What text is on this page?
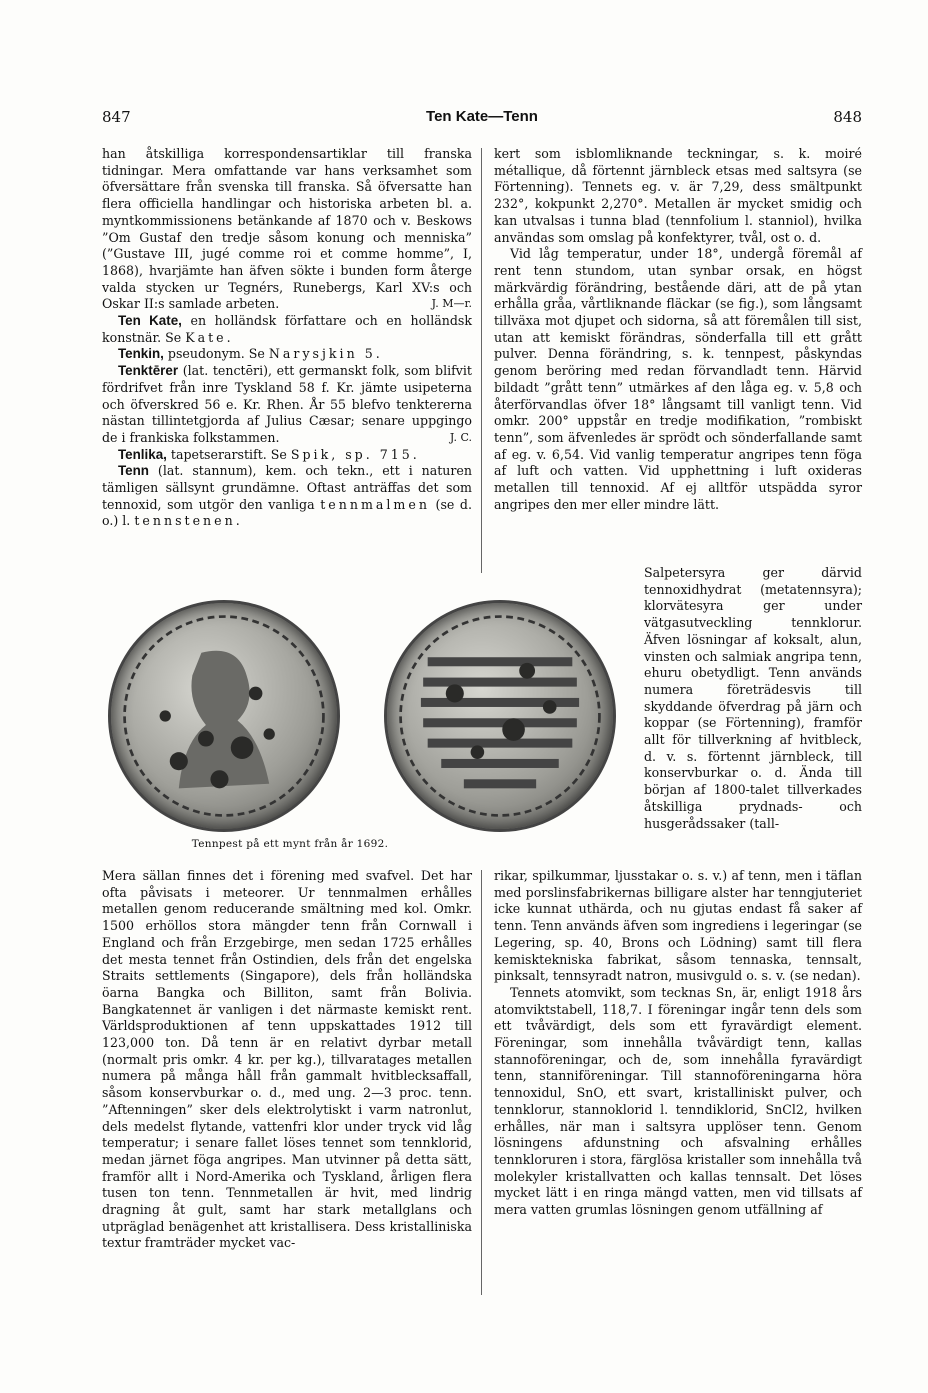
847	Ten Kate—Tenn	848

han åtskilliga korrespondensartiklar till franska tidningar. Mera omfattande var hans verksamhet som öfversättare från svenska till franska. Så öfversatte han flera officiella handlingar och historiska arbeten bl. a. myntkommissionens betänkande af 1870 och v. Beskows ”Om Gustaf den tredje såsom konung och menniska” (”Gustave III, jugé comme roi et comme homme”, I, 1868), hvarjämte han äfven sökte i bunden form återge valda stycken ur Tegnérs, Runebergs, Karl XV:s och Oskar II:s samlade arbeten.	J. M—r.

Ten Kate, en holländsk författare och en holländsk konstnär. Se Kate.

Tenkin, pseudonym. Se Narysjkin 5.

Tenktērer (lat. tenctēri), ett germanskt folk, som blifvit fördrifvet från inre Tyskland 58 f. Kr. jämte usipeterna och öfverskred 56 e. Kr. Rhen. År 55 blefvo tenktererna nästan tillintetgjorda af Julius Cæsar; senare uppgingo de i frankiska folkstammen.	J. C.

Tenlika, tapetserarstift. Se Spik, sp. 715.

Tenn (lat. stannum), kem. och tekn., ett i naturen tämligen sällsynt grundämne. Oftast anträffas det som tennoxid, som utgör den vanliga tennmalmen (se d. o.) l. tennstenen.

Tennpest på ett mynt från år 1692.

kert som isblomliknande teckningar, s. k. moiré métallique, då förtennt järnbleck etsas med saltsyra (se Förtenning). Tennets eg. v. är 7,29, dess smältpunkt 232°, kokpunkt 2,270°. Metallen är mycket smidig och kan utvalsas i tunna blad (tennfolium l. stanniol), hvilka användas som omslag på konfektyrer, tvål, ost o. d.

Vid låg temperatur, under 18°, undergå föremål af rent tenn stundom, utan synbar orsak, en högst märkvärdig förändring, bestående däri, att de på ytan erhålla gråa, vårtliknande fläckar (se fig.), som långsamt tillväxa mot djupet och sidorna, så att föremålen till sist, utan att kemiskt förändras, sönderfalla till ett grått pulver. Denna förändring, s. k. tennpest, påskyndas genom beröring med redan förvandladt tenn. Härvid bildadt ”grått tenn” utmärkes af den låga eg. v. 5,8 och återförvandlas öfver 18° långsamt till vanligt tenn. Vid omkr. 200° uppstår en tredje modifikation, ”rombiskt tenn”, som äfvenledes är sprödt och sönderfallande samt af eg. v. 6,54. Vid vanlig temperatur angripes tenn föga af luft och vatten. Vid upphettning i luft oxideras metallen till tennoxid. Af ej alltför utspädda syror angripes den mer eller mindre lätt.

Salpetersyra ger därvid tennoxidhydrat (metatennsyra); klorvätesyra ger under vätgasutveckling tennklorur. Äfven lösningar af koksalt, alun, vinsten och salmiak angripa tenn, ehuru obetydligt. Tenn används numera företrädesvis till skyddande öfverdrag på järn och koppar (se Förtenning), framför allt för tillverkning af hvitbleck, d. v. s. förtennt järnbleck, till konservburkar o. d. Ända till början af 1800-talet tillverkades åtskilliga prydnads- och husgerådssaker (tall-

Mera sällan finnes det i förening med svafvel. Det har ofta påvisats i meteorer. Ur tennmalmen erhålles metallen genom reducerande smältning med kol. Omkr. 1500 erhöllos stora mängder tenn från Cornwall i England och från Erzgebirge, men sedan 1725 erhålles det mesta tennet från Ostindien, dels från det engelska Straits settlements (Singapore), dels från holländska öarna Bangka och Billiton, samt från Bolivia. Bangkatennet är vanligen i det närmaste kemiskt rent. Världsproduktionen af tenn uppskattades 1912 till 123,000 ton. Då tenn är en relativt dyrbar metall (normalt pris omkr. 4 kr. per kg.), tillvaratages metallen numera på många håll från gammalt hvitblecksaffall, såsom konservburkar o. d., med ung. 2—3 proc. tenn. ”Aftenningen” sker dels elektrolytiskt i varm natronlut, dels medelst flytande, vattenfri klor under tryck vid låg temperatur; i senare fallet löses tennet som tennklorid, medan järnet föga angripes. Man utvinner på detta sätt, framför allt i Nord-Amerika och Tyskland, årligen flera tusen ton tenn. Tennmetallen är hvit, med lindrig dragning åt gult, samt har stark metallglans och utpräglad benägenhet att kristallisera. Dess kristalliniska textur framträder mycket vac-

rikar, spilkummar, ljusstakar o. s. v.) af tenn, men i täflan med porslinsfabrikernas billigare alster har tenngjuteriet icke kunnat uthärda, och nu gjutas endast få saker af tenn. Tenn används äfven som ingrediens i legeringar (se Legering, sp. 40, Brons och Lödning) samt till flera kemisktekniska fabrikat, såsom tennaska, tennsalt, pinksalt, tennsyradt natron, musivguld o. s. v. (se nedan).

Tennets atomvikt, som tecknas Sn, är, enligt 1918 års atomviktstabell, 118,7. I föreningar ingår tenn dels som ett tvåvärdigt, dels som ett fyravärdigt element. Föreningar, som innehålla tvåvärdigt tenn, kallas stannoföreningar, och de, som innehålla fyravärdigt tenn, stanniföreningar. Till stannoföreningarna höra tennoxidul, SnO, ett svart, kristalliniskt pulver, och tennklorur, stannoklorid l. tenndiklorid, SnCl2, hvilken erhålles, när man i saltsyra upplöser tenn. Genom lösningens afdunstning och afsvalning erhålles tennkloruren i stora, färglösa kristaller som innehålla två molekyler kristallvatten och kallas tennsalt. Det löses mycket lätt i en ringa mängd vatten, men vid tillsats af mera vatten grumlas lösningen genom utfällning af
